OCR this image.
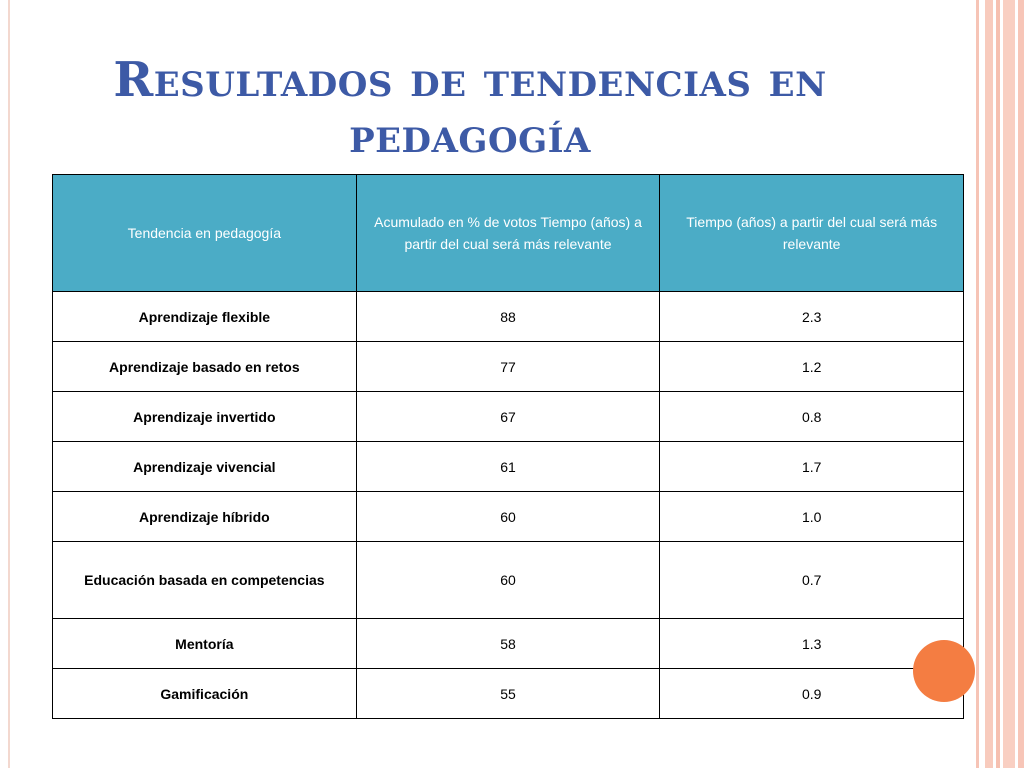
Resultados de tendencias en pedagogía
Tendencia en pedagogía	Acumulado en % de votos Tiempo (años) a partir del cual será más relevante	Tiempo (años) a partir del cual será más relevante
Aprendizaje flexible	88	2.3
Aprendizaje basado en retos	77	1.2
Aprendizaje invertido	67	0.8
Aprendizaje vivencial	61	1.7
Aprendizaje híbrido	60	1.0
Educación basada en competencias	60	0.7
Mentoría	58	1.3
Gamificación	55	0.9
